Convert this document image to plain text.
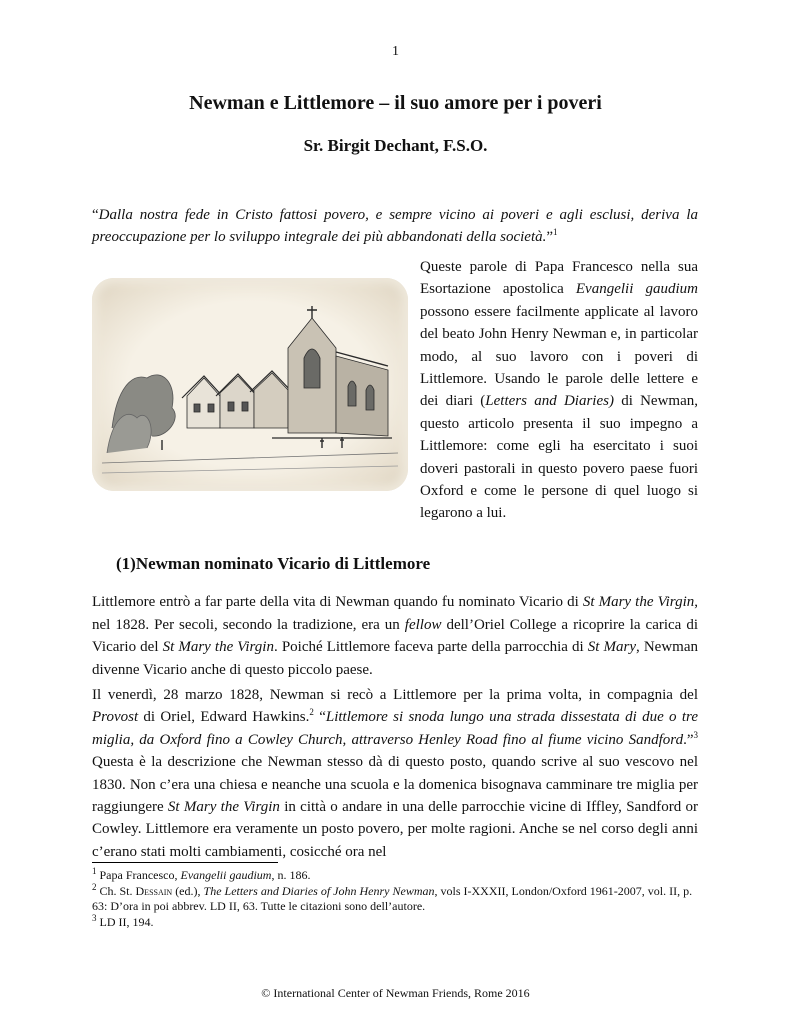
1
Newman e Littlemore – il suo amore per i poveri
Sr. Birgit Dechant, F.S.O.
“Dalla nostra fede in Cristo fattosi povero, e sempre vicino ai poveri e agli esclusi, deriva la preoccupazione per lo sviluppo integrale dei più abbandonati della società.”$^1$
Queste parole di Papa Francesco nella sua Esortazione apostolica Evangelii gaudium possono essere facilmente applicate al lavoro del beato John Henry Newman e, in particolar modo, al suo lavoro con i poveri di Littlemore. Usando le parole delle lettere e dei diari (Letters and Diaries) di Newman, questo articolo presenta il suo impegno a Littlemore: come egli ha esercitato i suoi doveri pastorali in questo povero paese fuori Oxford e come le persone di quel luogo si legarono a lui.
(1)Newman nominato Vicario di Littlemore
Littlemore entrò a far parte della vita di Newman quando fu nominato Vicario di St Mary the Virgin, nel 1828. Per secoli, secondo la tradizione, era un fellow dell’Oriel College a ricoprire la carica di Vicario del St Mary the Virgin. Poiché Littlemore faceva parte della parrocchia di St Mary, Newman divenne Vicario anche di questo piccolo paese.
Il venerdì, 28 marzo 1828, Newman si recò a Littlemore per la prima volta, in compagnia del Provost di Oriel, Edward Hawkins.$^2$ “Littlemore si snoda lungo una strada dissestata di due o tre miglia, da Oxford fino a Cowley Church, attraverso Henley Road fino al fiume vicino Sandford.”$^3$ Questa è la descrizione che Newman stesso dà di questo posto, quando scrive al suo vescovo nel 1830. Non c’era una chiesa e neanche una scuola e la domenica bisognava camminare tre miglia per raggiungere St Mary the Virgin in città o andare in una delle parrocchie vicine di Iffley, Sandford or Cowley. Littlemore era veramente un posto povero, per molte ragioni. Anche se nel corso degli anni c’erano stati molti cambiamenti, cosicché ora nel
$^1$ Papa Francesco, Evangelii gaudium, n. 186.
$^2$ Ch. St. Dessain (ed.), The Letters and Diaries of John Henry Newman, vols I-XXXII, London/Oxford 1961-2007, vol. II, p. 63: D’ora in poi abbrev. LD II, 63. Tutte le citazioni sono dell’autore.
$^3$ LD II, 194.
© International Center of Newman Friends, Rome 2016
